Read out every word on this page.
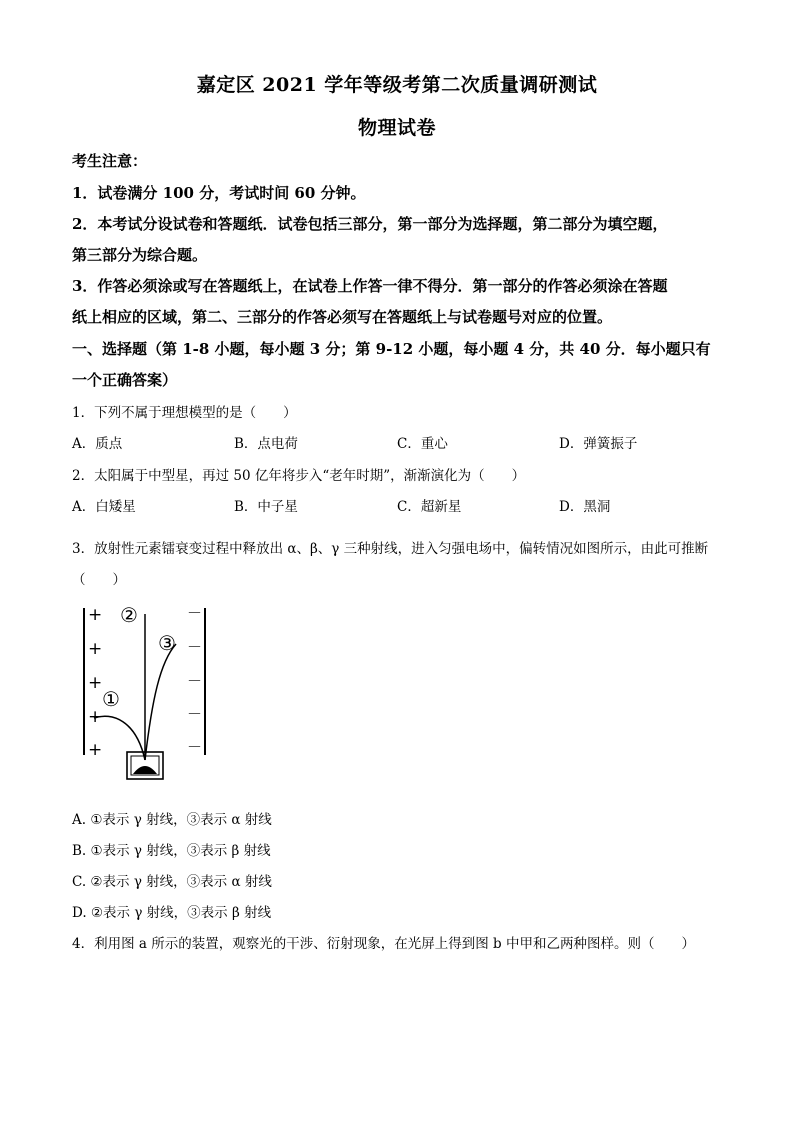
嘉定区 2021 学年等级考第二次质量调研测试
物理试卷
考生注意：
1．试卷满分 100 分，考试时间 60 分钟。
2．本考试分设试卷和答题纸．试卷包括三部分，第一部分为选择题，第二部分为填空题，
第三部分为综合题。
3．作答必须涂或写在答题纸上，在试卷上作答一律不得分．第一部分的作答必须涂在答题
纸上相应的区域，第二、三部分的作答必须写在答题纸上与试卷题号对应的位置。
一、选择题（第 1-8 小题，每小题 3 分；第 9-12 小题，每小题 4 分，共 40 分．每小题只有
一个正确答案）
1．下列不属于理想模型的是（　　）
A．质点	B．点电荷	C．重心	D．弹簧振子
2．太阳属于中型星，再过 50 亿年将步入“老年时期”，渐渐演化为（　　）
A．白矮星	B．中子星	C．超新星	D．黑洞
3．放射性元素镭衰变过程中释放出 α、β、γ 三种射线，进入匀强电场中，偏转情况如图所示，由此可推断
（　　）
+
+
+
+
+
－
－
－
－
－
②
③
①
A. ①表示 γ 射线，③表示 α 射线
B. ①表示 γ 射线，③表示 β 射线
C. ②表示 γ 射线，③表示 α 射线
D. ②表示 γ 射线，③表示 β 射线
4．利用图 a 所示的装置，观察光的干涉、衍射现象，在光屏上得到图 b 中甲和乙两种图样。则（　　）
